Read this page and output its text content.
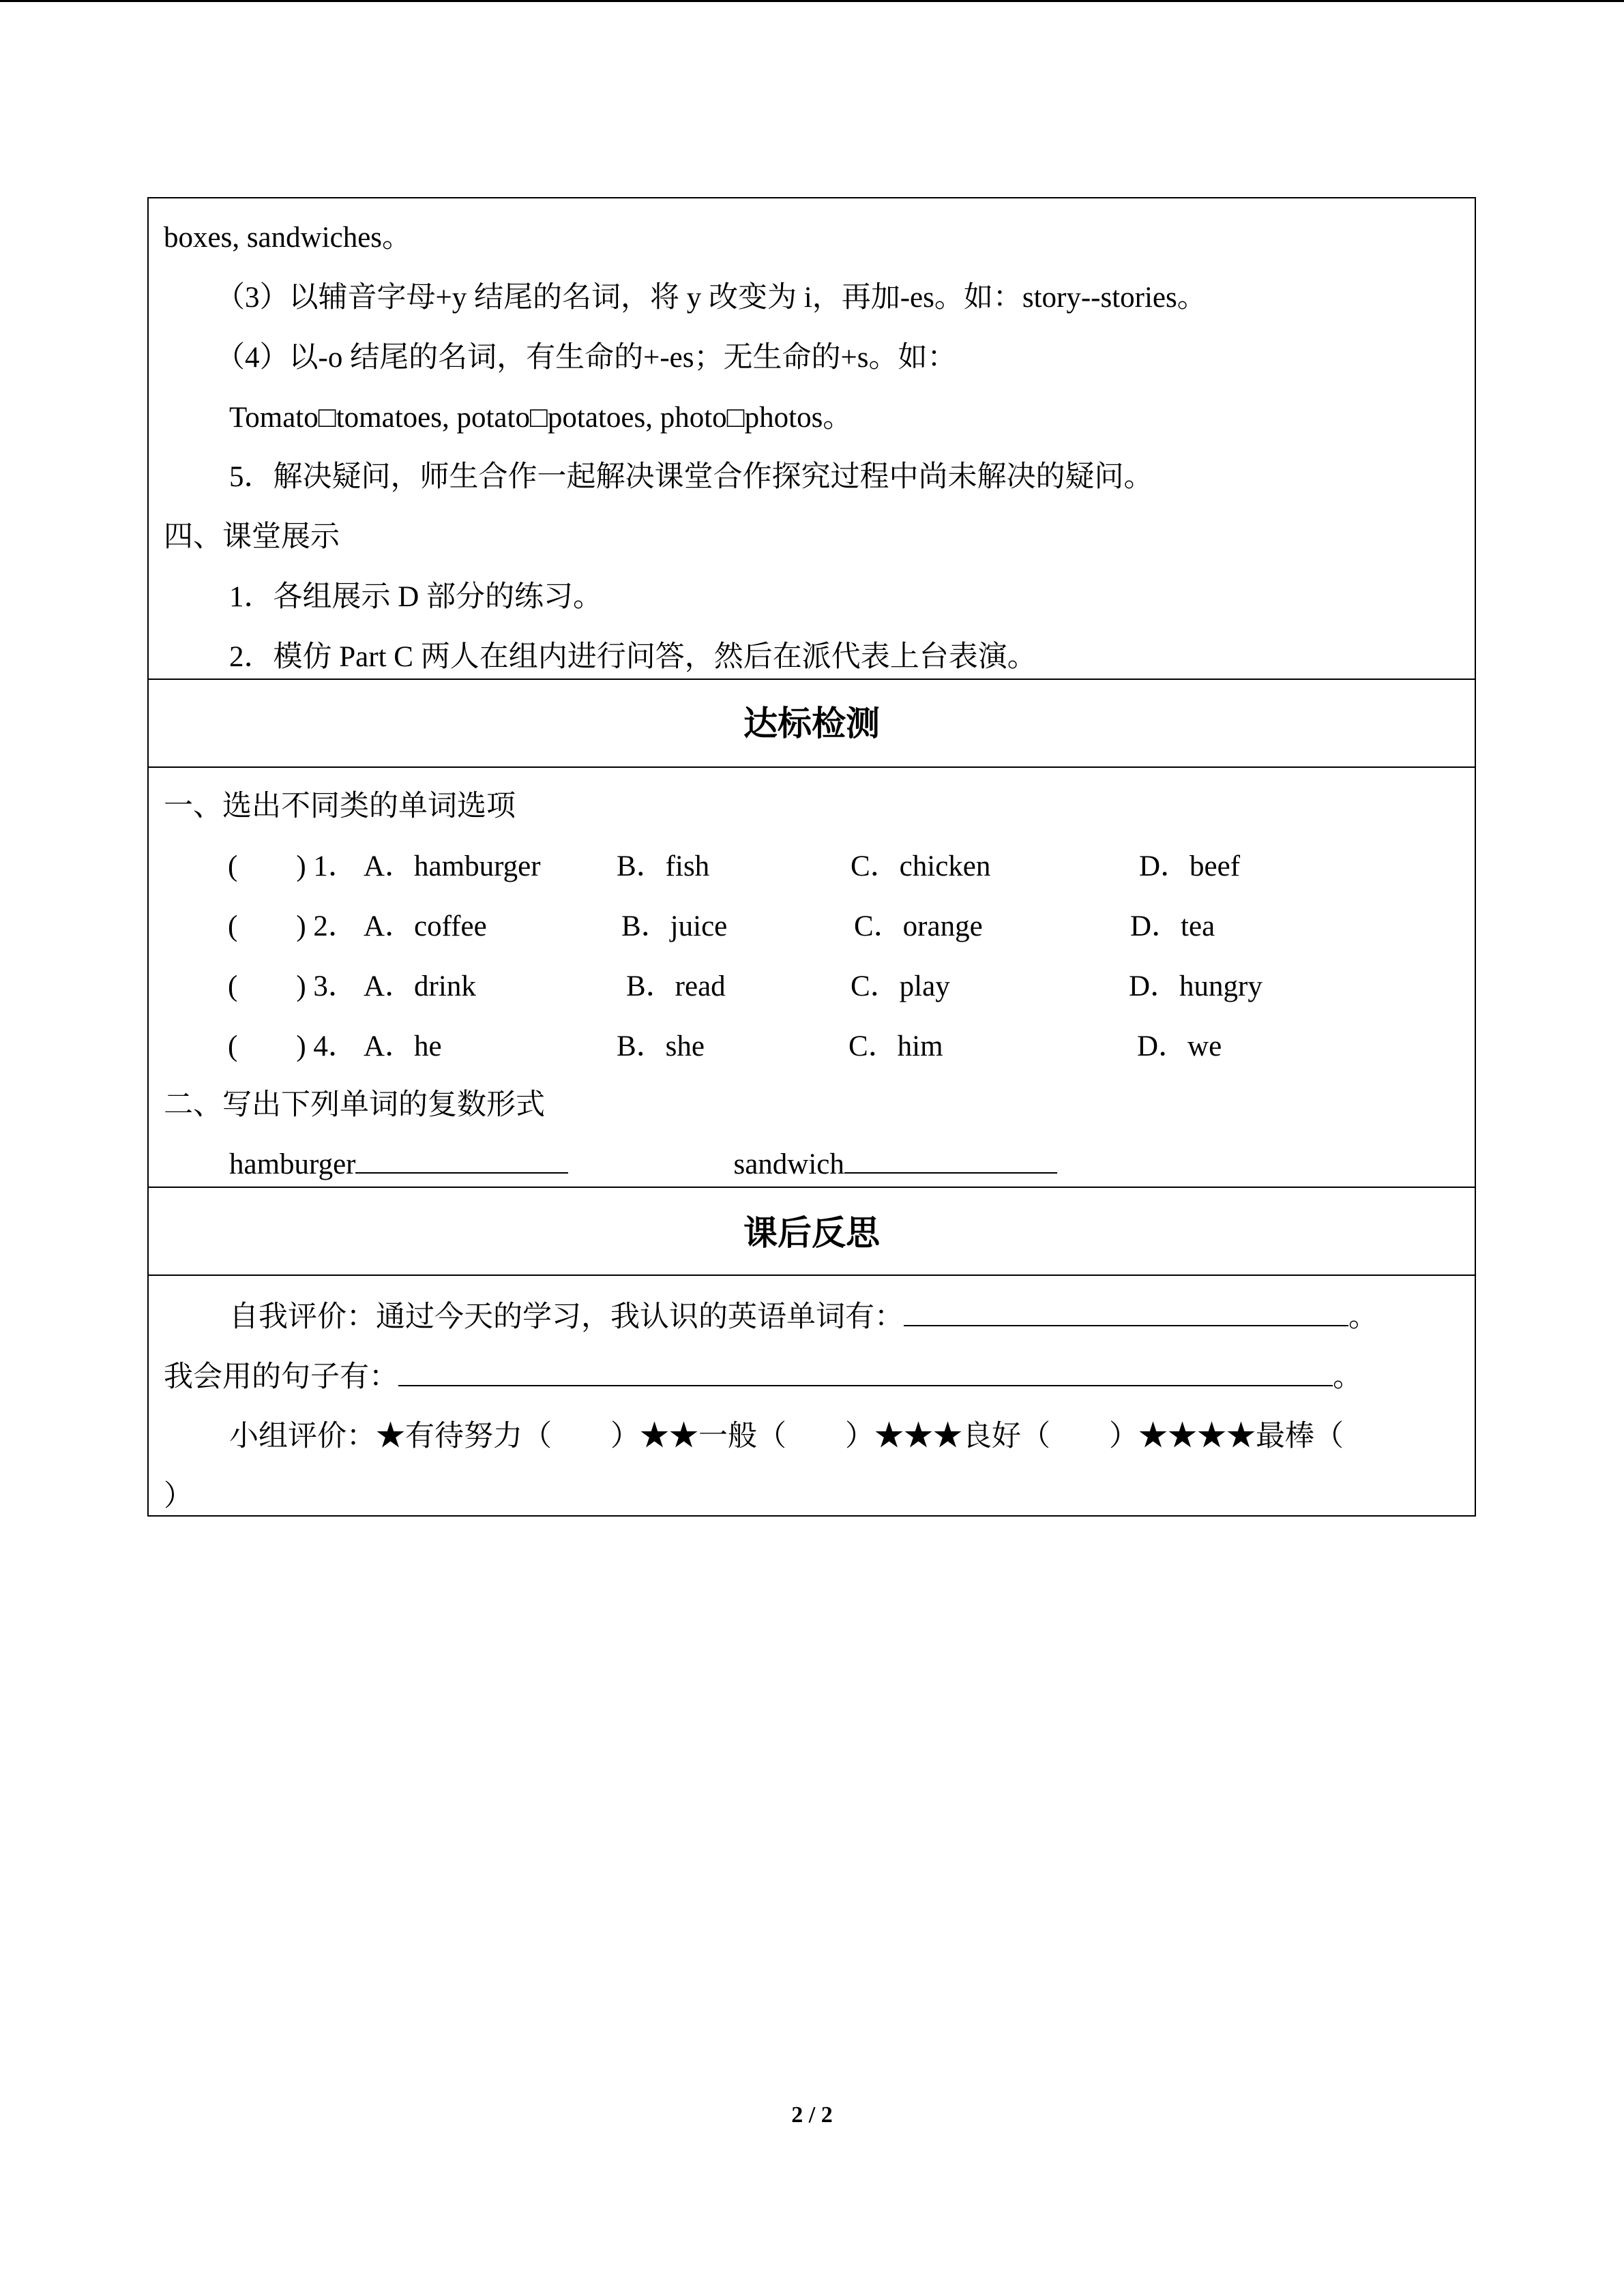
boxes, sandwiches。
（3）以辅音字母+y 结尾的名词，将 y 改变为 i，再加-es。如：story--stories。
（4）以-o 结尾的名词，有生命的+-es；无生命的+s。如：
Tomato□tomatoes, potato□potatoes, photo□photos。
5．解决疑问，师生合作一起解决课堂合作探究过程中尚未解决的疑问。
四、课堂展示
1．各组展示 D 部分的练习。
2．模仿 Part C 两人在组内进行问答，然后在派代表上台表演。
达标检测
一、选出不同类的单词选项
(　　) 1． A．hamburger	B．fish	C．chicken	D．beef
(　　) 2． A．coffee	B．juice	C．orange	D．tea
(　　) 3． A．drink	B．read	C．play	D．hungry
(　　) 4． A．he	B．she	C．him	D．we
二、写出下列单词的复数形式
hamburger	sandwich
课后反思
自我评价：通过今天的学习，我认识的英语单词有：	。
我会用的句子有：	。
小组评价：★有待努力（　　）★★一般（　　）★★★良好（　　）★★★★最棒（
）
2 / 2
